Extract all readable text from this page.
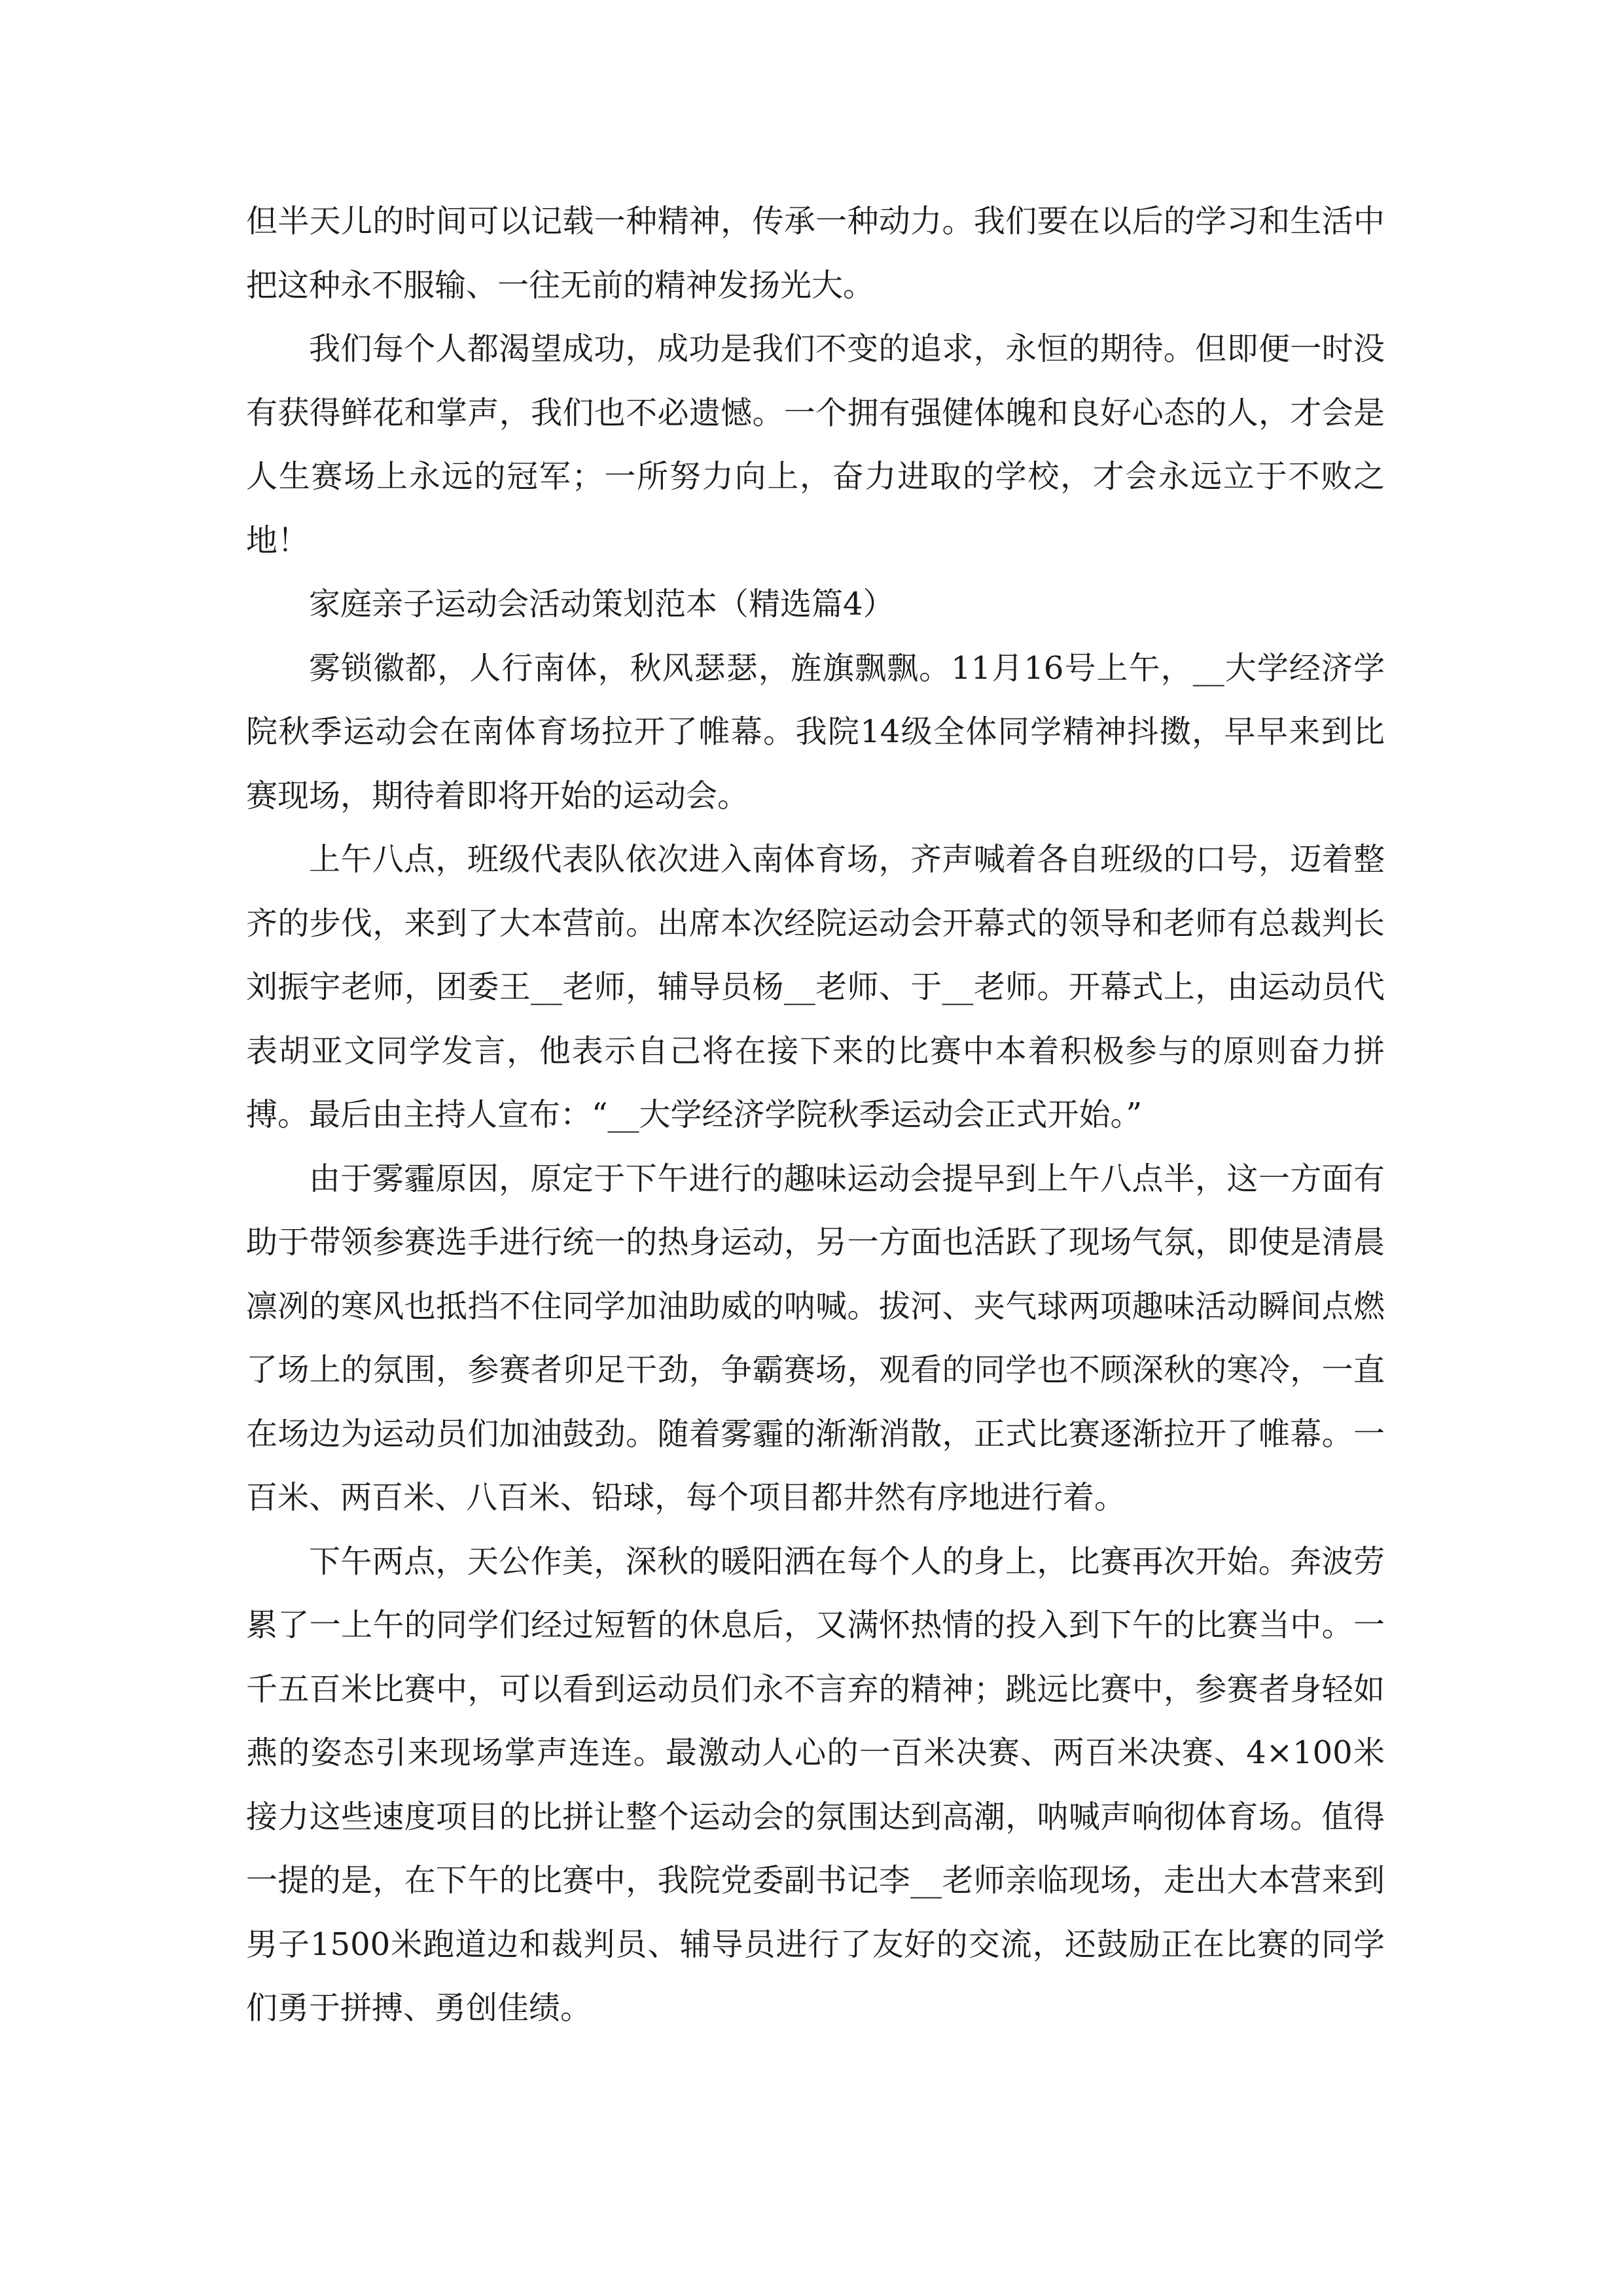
但半天儿的时间可以记载一种精神，传承一种动力。我们要在以后的学习和生活中把这种永不服输、一往无前的精神发扬光大。

我们每个人都渴望成功，成功是我们不变的追求，永恒的期待。但即便一时没有获得鲜花和掌声，我们也不必遗憾。一个拥有强健体魄和良好心态的人，才会是人生赛场上永远的冠军；一所努力向上，奋力进取的学校，才会永远立于不败之地！

家庭亲子运动会活动策划范本（精选篇4）

雾锁徽都，人行南体，秋风瑟瑟，旌旗飘飘。11月16号上午，__大学经济学院秋季运动会在南体育场拉开了帷幕。我院14级全体同学精神抖擞，早早来到比赛现场，期待着即将开始的运动会。

上午八点，班级代表队依次进入南体育场，齐声喊着各自班级的口号，迈着整齐的步伐，来到了大本营前。出席本次经院运动会开幕式的领导和老师有总裁判长刘振宇老师，团委王__老师，辅导员杨__老师、于__老师。开幕式上，由运动员代表胡亚文同学发言，他表示自己将在接下来的比赛中本着积极参与的原则奋力拼搏。最后由主持人宣布：“__大学经济学院秋季运动会正式开始。”

由于雾霾原因，原定于下午进行的趣味运动会提早到上午八点半，这一方面有助于带领参赛选手进行统一的热身运动，另一方面也活跃了现场气氛，即使是清晨凛冽的寒风也抵挡不住同学加油助威的呐喊。拔河、夹气球两项趣味活动瞬间点燃了场上的氛围，参赛者卯足干劲，争霸赛场，观看的同学也不顾深秋的寒冷，一直在场边为运动员们加油鼓劲。随着雾霾的渐渐消散，正式比赛逐渐拉开了帷幕。一百米、两百米、八百米、铅球，每个项目都井然有序地进行着。

下午两点，天公作美，深秋的暖阳洒在每个人的身上，比赛再次开始。奔波劳累了一上午的同学们经过短暂的休息后，又满怀热情的投入到下午的比赛当中。一千五百米比赛中，可以看到运动员们永不言弃的精神；跳远比赛中，参赛者身轻如燕的姿态引来现场掌声连连。最激动人心的一百米决赛、两百米决赛、4×100米接力这些速度项目的比拼让整个运动会的氛围达到高潮，呐喊声响彻体育场。值得一提的是，在下午的比赛中，我院党委副书记李__老师亲临现场，走出大本营来到男子1500米跑道边和裁判员、辅导员进行了友好的交流，还鼓励正在比赛的同学们勇于拼搏、勇创佳绩。
